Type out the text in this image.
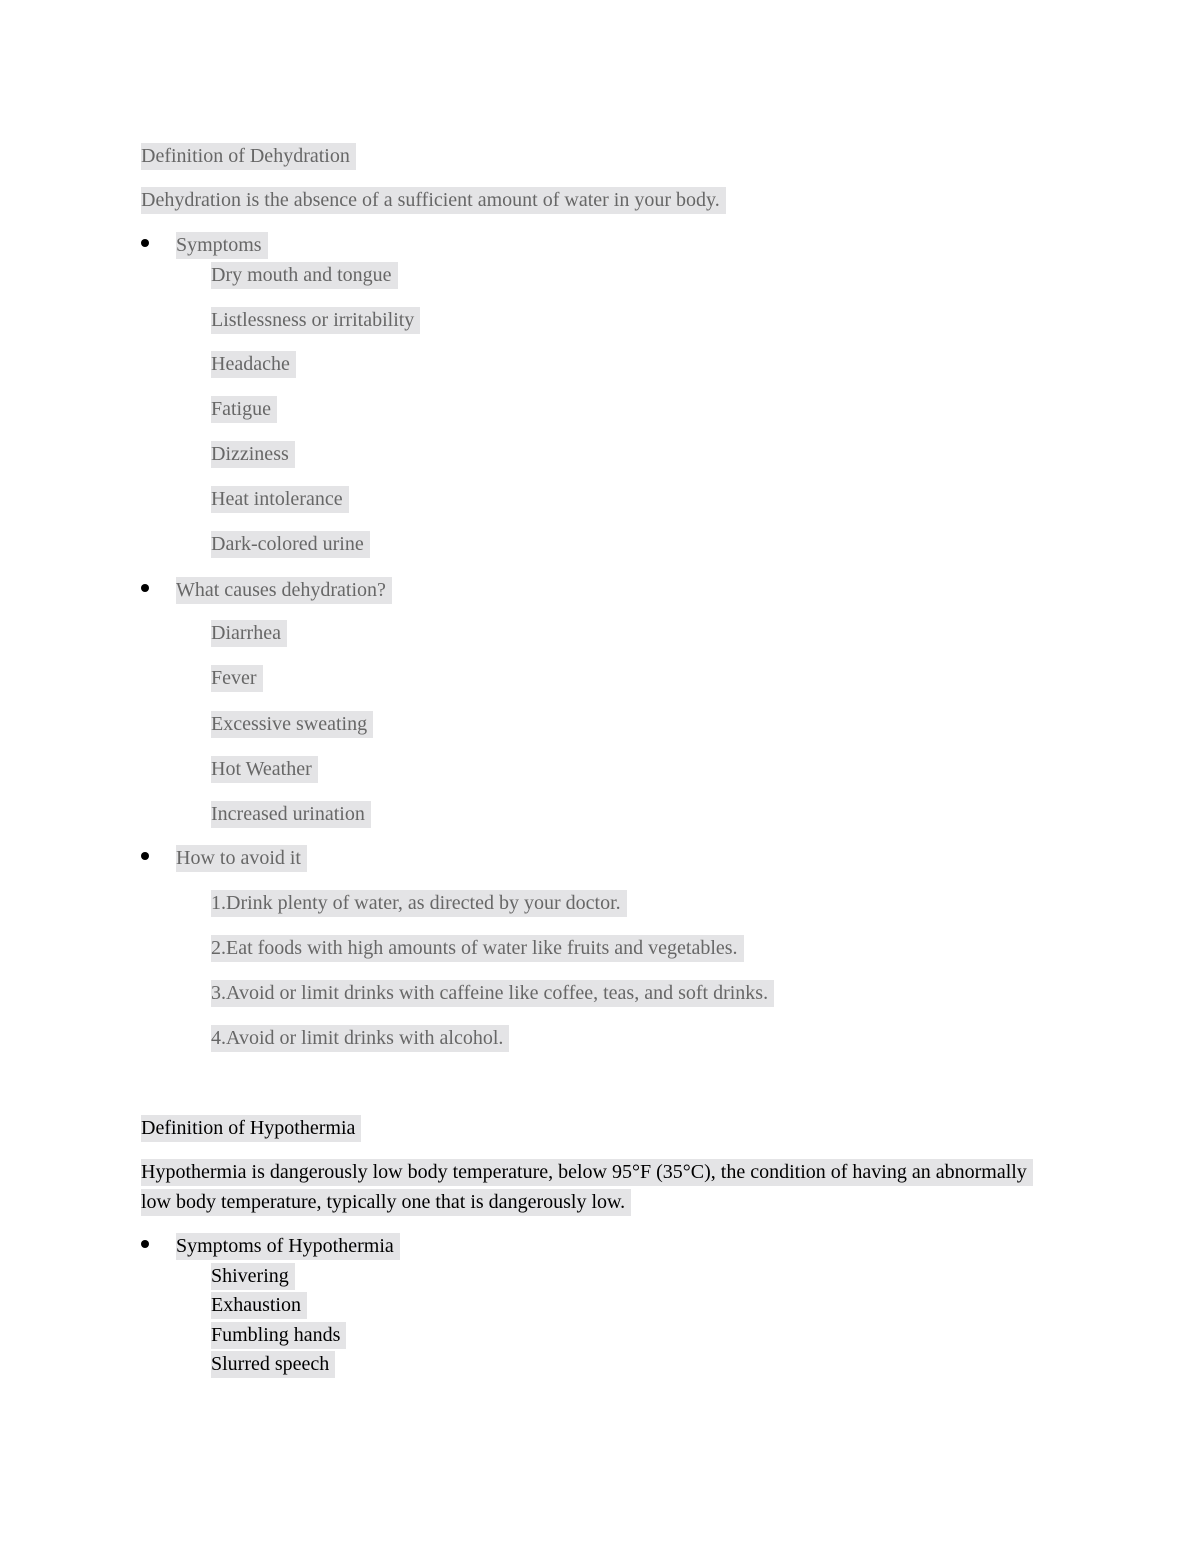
Definition of Dehydration
Dehydration is the absence of a sufficient amount of water in your body.
Symptoms
Dry mouth and tongue
Listlessness or irritability
Headache
Fatigue
Dizziness
Heat intolerance
Dark-colored urine
What causes dehydration?
Diarrhea
Fever
Excessive sweating
Hot Weather
Increased urination
How to avoid it
1.Drink plenty of water, as directed by your doctor.
2.Eat foods with high amounts of water like fruits and vegetables.
3.Avoid or limit drinks with caffeine like coffee, teas, and soft drinks.
4.Avoid or limit drinks with alcohol.
Definition of Hypothermia
Hypothermia is dangerously low body temperature, below 95°F (35°C), the condition of having an abnormally low body temperature, typically one that is dangerously low.
Symptoms of Hypothermia
Shivering
Exhaustion
Fumbling hands
Slurred speech
